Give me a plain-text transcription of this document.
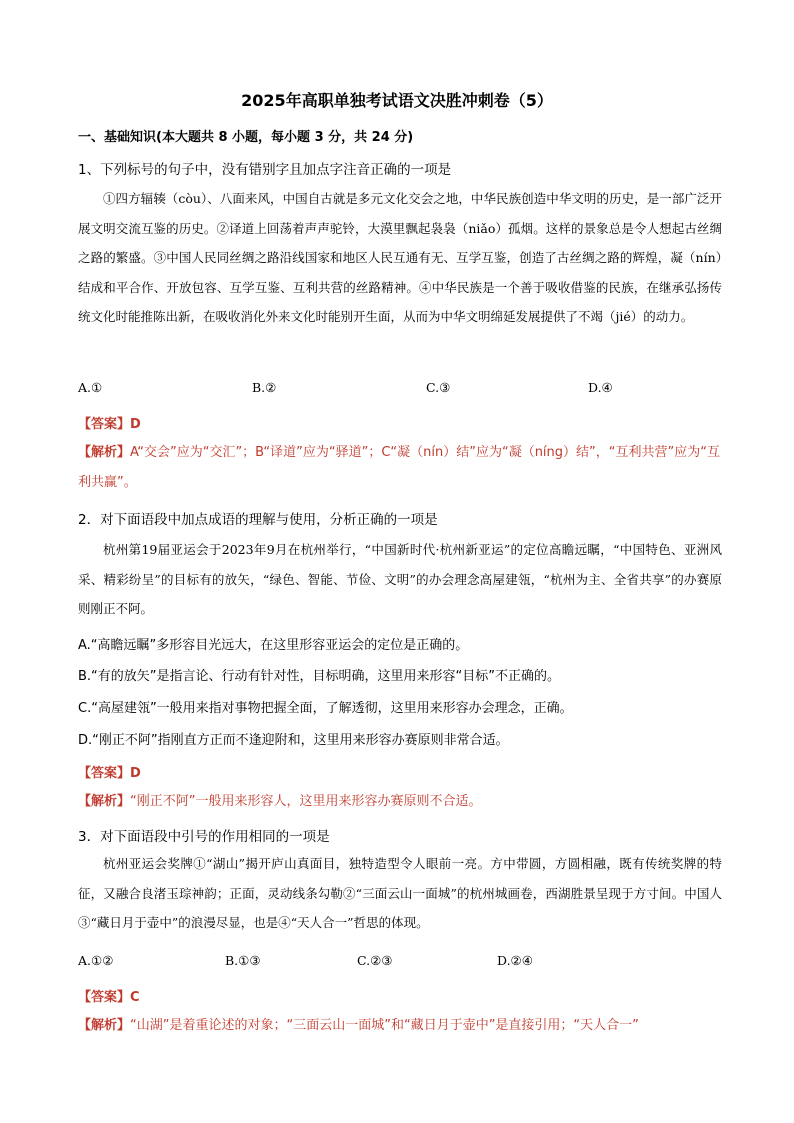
2025年高职单独考试语文决胜冲刺卷（5）
一、基础知识(本大题共 8 小题，每小题 3 分，共 24 分)
1、下列标号的句子中，没有错别字且加点字注音正确的一项是
①四方辐辏（còu）、八面来风，中国自古就是多元文化交会之地，中华民族创造中华文明的历史，是一部广泛开展文明交流互鉴的历史。②译道上回荡着声声驼铃，大漠里飘起袅袅（niǎo）孤烟。这样的景象总是令人想起古丝绸之路的繁盛。③中国人民同丝绸之路沿线国家和地区人民互通有无、互学互鉴，创造了古丝绸之路的辉煌，凝（nín）结成和平合作、开放包容、互学互鉴、互利共营的丝路精神。④中华民族是一个善于吸收借鉴的民族，在继承弘扬传统文化时能推陈出新，在吸收消化外来文化时能别开生面，从而为中华文明绵延发展提供了不竭（jié）的动力。
A.①	B.②	C.③	D.④
【答案】D
【解析】A“交会”应为“交汇”；B“译道”应为“驿道”；C“凝（nín）结”应为“凝（níng）结”，“互利共营”应为“互利共赢”。
2．对下面语段中加点成语的理解与使用，分析正确的一项是
杭州第19届亚运会于2023年9月在杭州举行，“中国新时代·杭州新亚运”的定位高瞻远瞩，“中国特色、亚洲风采、精彩纷呈”的目标有的放矢，“绿色、智能、节俭、文明”的办会理念高屋建瓴，“杭州为主、全省共享”的办赛原则刚正不阿。
A.“高瞻远瞩”多形容目光远大，在这里形容亚运会的定位是正确的。
B.“有的放矢”是指言论、行动有针对性，目标明确，这里用来形容“目标”不正确的。
C.“高屋建瓴”一般用来指对事物把握全面，了解透彻，这里用来形容办会理念，正确。
D.“刚正不阿”指刚直方正而不逢迎附和，这里用来形容办赛原则非常合适。
【答案】D
【解析】“刚正不阿”一般用来形容人，这里用来形容办赛原则不合适。
3．对下面语段中引号的作用相同的一项是
杭州亚运会奖牌①“湖山”揭开庐山真面目，独特造型令人眼前一亮。方中带圆，方圆相融，既有传统奖牌的特征，又融合良渚玉琮神韵；正面，灵动线条勾勒②“三面云山一面城”的杭州城画卷，西湖胜景呈现于方寸间。中国人③“藏日月于壶中”的浪漫尽显，也是④“天人合一”哲思的体现。
A.①②	B.①③	C.②③	D.②④
【答案】C
【解析】“山湖”是着重论述的对象；“三面云山一面城”和“藏日月于壶中”是直接引用；“天人合一”
